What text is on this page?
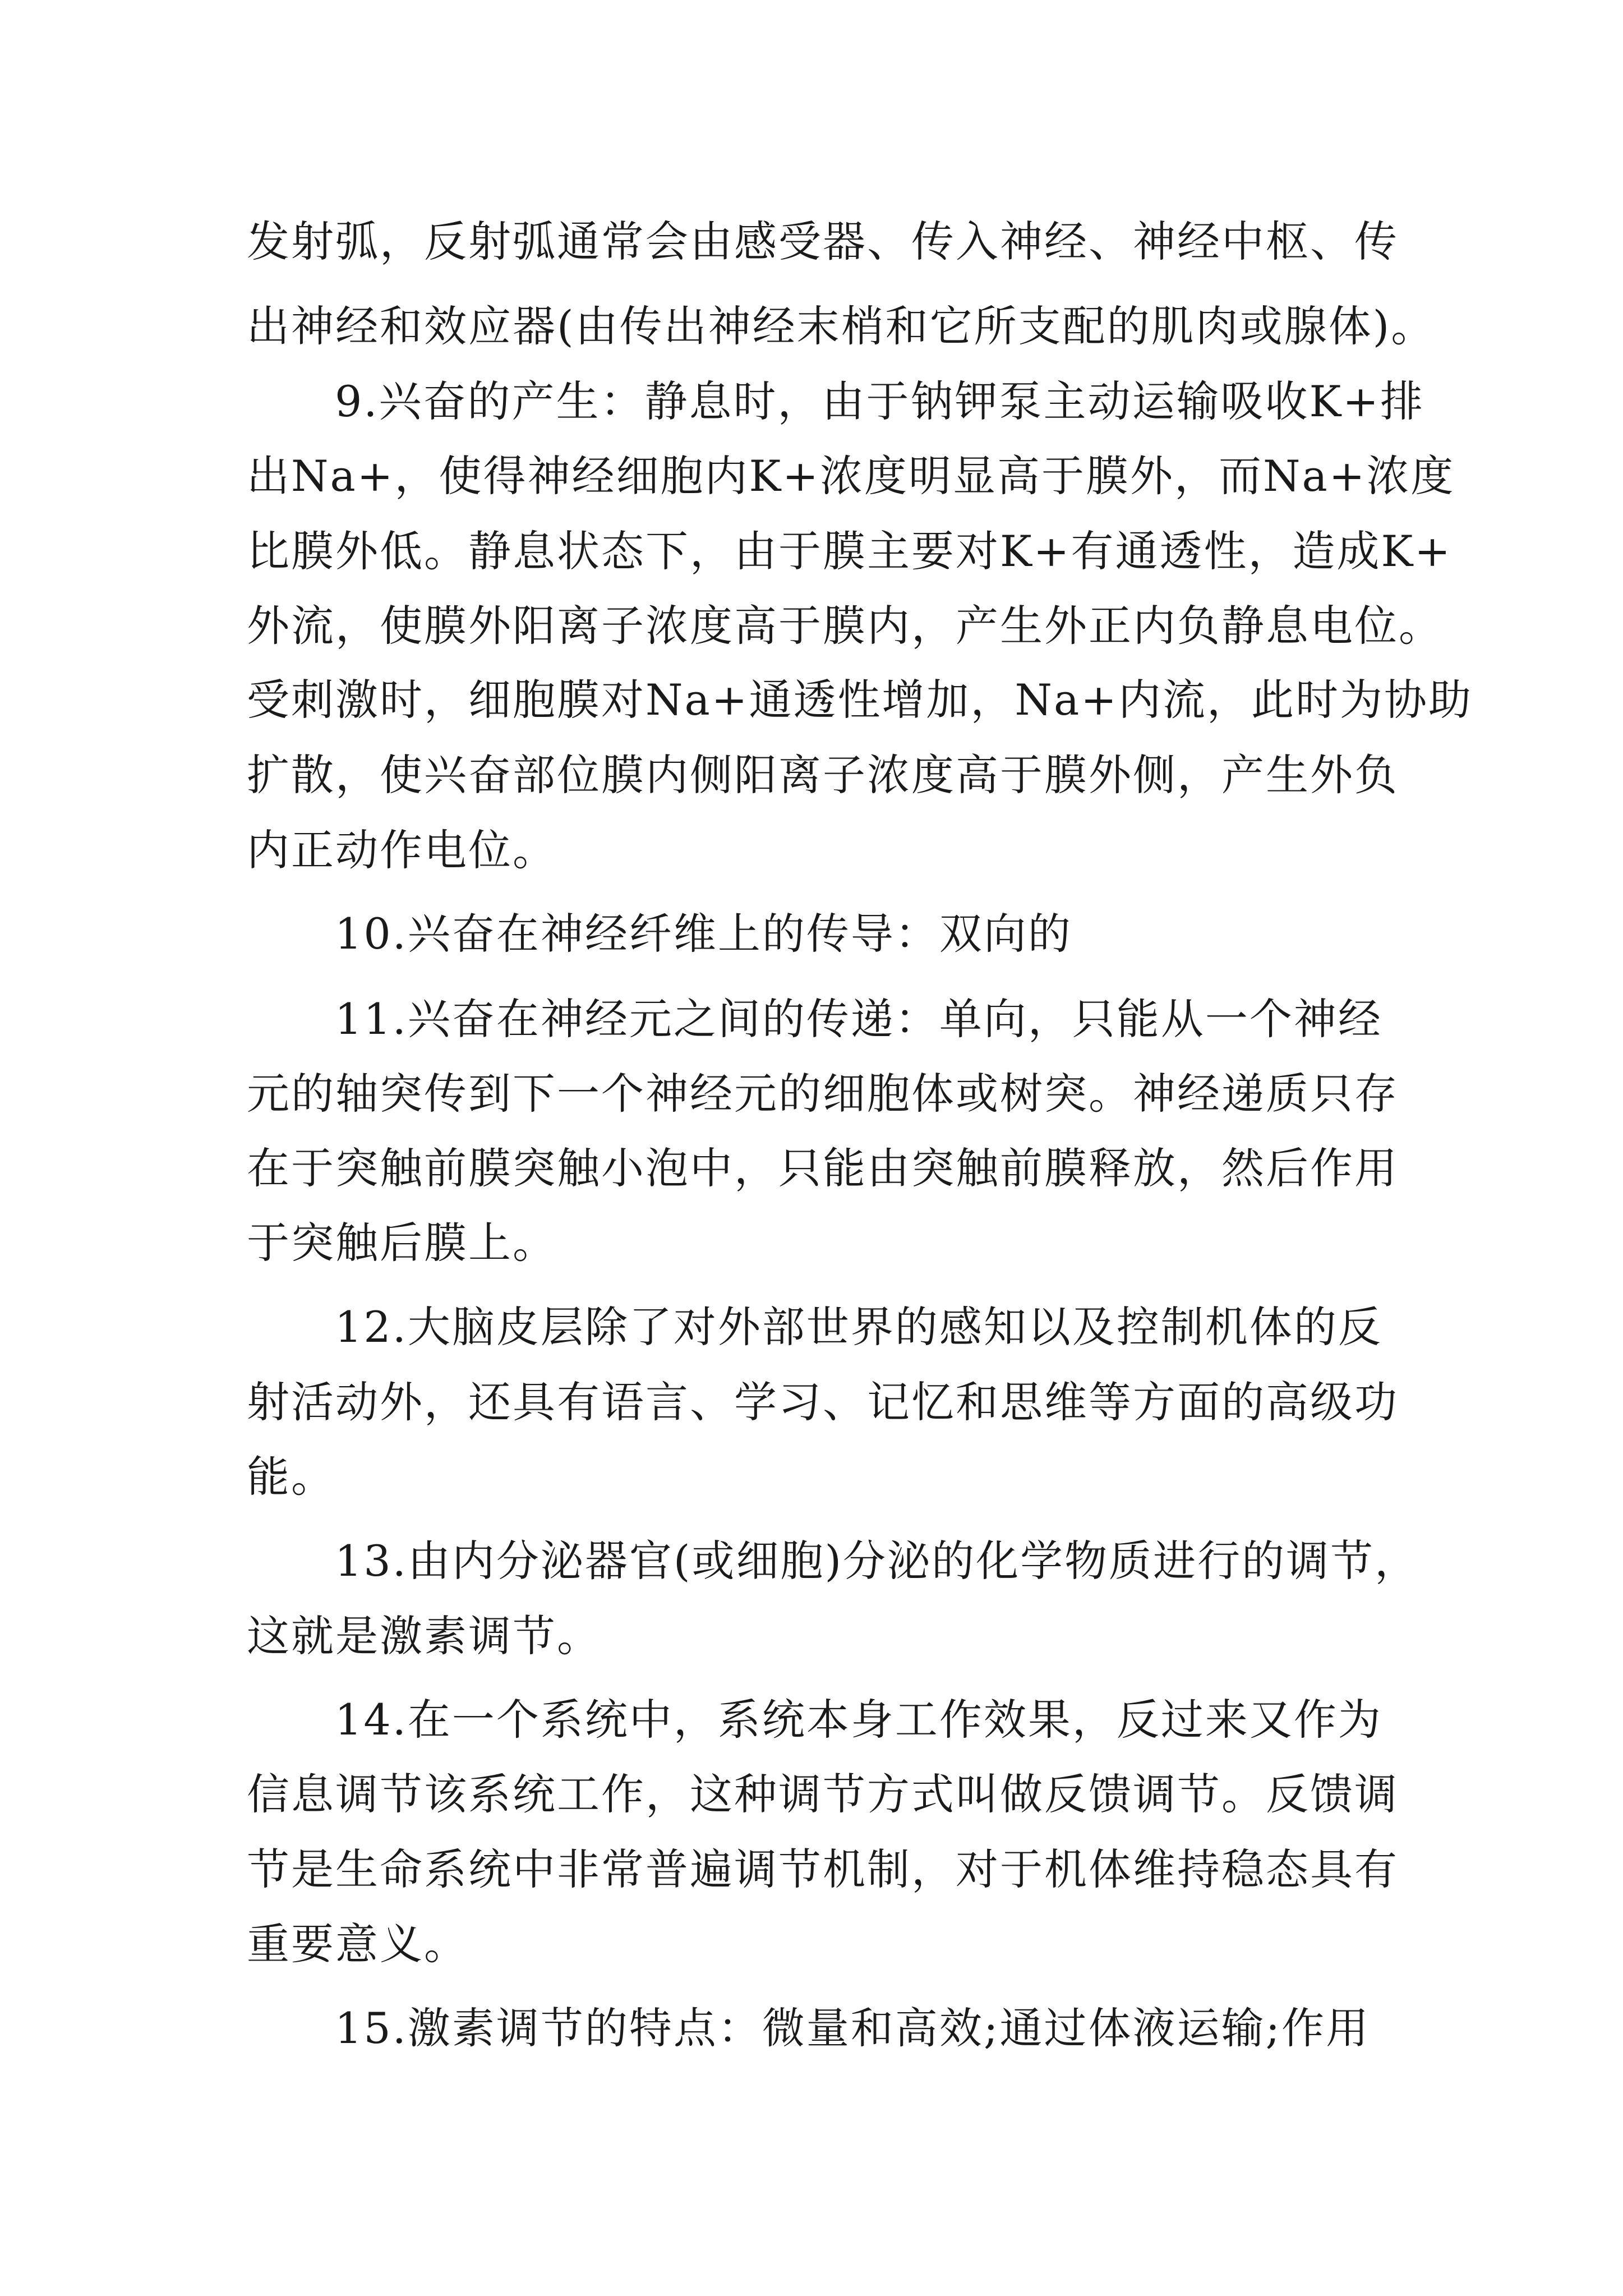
发射弧，反射弧通常会由感受器、传入神经、神经中枢、传
出神经和效应器(由传出神经末梢和它所支配的肌肉或腺体)。
9.兴奋的产生：静息时，由于钠钾泵主动运输吸收K+排
出Na+，使得神经细胞内K+浓度明显高于膜外，而Na+浓度
比膜外低。静息状态下，由于膜主要对K+有通透性，造成K+
外流，使膜外阳离子浓度高于膜内，产生外正内负静息电位。
受刺激时，细胞膜对Na+通透性增加，Na+内流，此时为协助
扩散，使兴奋部位膜内侧阳离子浓度高于膜外侧，产生外负
内正动作电位。
10.兴奋在神经纤维上的传导：双向的
11.兴奋在神经元之间的传递：单向，只能从一个神经
元的轴突传到下一个神经元的细胞体或树突。神经递质只存
在于突触前膜突触小泡中，只能由突触前膜释放，然后作用
于突触后膜上。
12.大脑皮层除了对外部世界的感知以及控制机体的反
射活动外，还具有语言、学习、记忆和思维等方面的高级功
能。
13.由内分泌器官(或细胞)分泌的化学物质进行的调节，
这就是激素调节。
14.在一个系统中，系统本身工作效果，反过来又作为
信息调节该系统工作，这种调节方式叫做反馈调节。反馈调
节是生命系统中非常普遍调节机制，对于机体维持稳态具有
重要意义。
15.激素调节的特点：微量和高效;通过体液运输;作用
